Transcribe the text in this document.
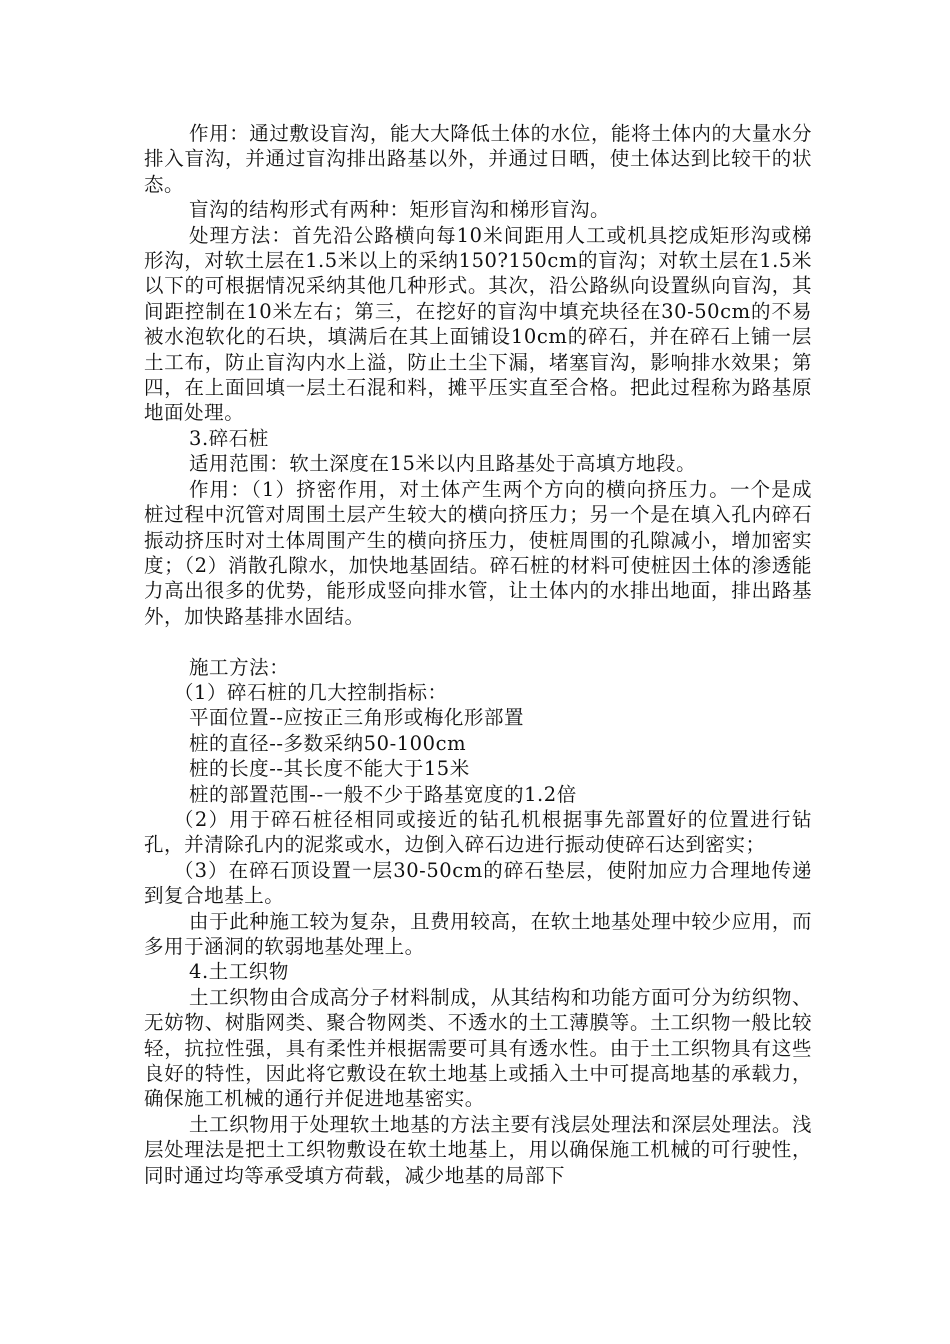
作用：通过敷设盲沟，能大大降低土体的水位，能将土体内的大量水分排入盲沟，并通过盲沟排出路基以外，并通过日晒，使土体达到比较干的状态。

盲沟的结构形式有两种：矩形盲沟和梯形盲沟。

处理方法：首先沿公路横向每10米间距用人工或机具挖成矩形沟或梯形沟，对软土层在1.5米以上的采纳150?150cm的盲沟；对软土层在1.5米以下的可根据情况采纳其他几种形式。其次，沿公路纵向设置纵向盲沟，其间距控制在10米左右；第三，在挖好的盲沟中填充块径在30-50cm的不易被水泡软化的石块，填满后在其上面铺设10cm的碎石，并在碎石上铺一层土工布，防止盲沟内水上溢，防止土尘下漏，堵塞盲沟，影响排水效果；第四，在上面回填一层土石混和料，摊平压实直至合格。把此过程称为路基原地面处理。

3.碎石桩

适用范围：软土深度在15米以内且路基处于高填方地段。

作用：（1）挤密作用，对土体产生两个方向的横向挤压力。一个是成桩过程中沉管对周围土层产生较大的横向挤压力；另一个是在填入孔内碎石振动挤压时对土体周围产生的横向挤压力，使桩周围的孔隙减小，增加密实度；（2）消散孔隙水，加快地基固结。碎石桩的材料可使桩因土体的渗透能力高出很多的优势，能形成竖向排水管，让土体内的水排出地面，排出路基外，加快路基排水固结。

施工方法：

（1）碎石桩的几大控制指标：

平面位置--应按正三角形或梅化形部置

桩的直径--多数采纳50-100cm

桩的长度--其长度不能大于15米

桩的部置范围--一般不少于路基宽度的1.2倍

（2）用于碎石桩径相同或接近的钻孔机根据事先部置好的位置进行钻孔，并清除孔内的泥浆或水，边倒入碎石边进行振动使碎石达到密实；

（3）在碎石顶设置一层30-50cm的碎石垫层，使附加应力合理地传递到复合地基上。

由于此种施工较为复杂，且费用较高，在软土地基处理中较少应用，而多用于涵洞的软弱地基处理上。

4.土工织物

土工织物由合成高分子材料制成，从其结构和功能方面可分为纺织物、无妨物、树脂网类、聚合物网类、不透水的土工薄膜等。土工织物一般比较轻，抗拉性强，具有柔性并根据需要可具有透水性。由于土工织物具有这些良好的特性，因此将它敷设在软土地基上或插入土中可提高地基的承载力，确保施工机械的通行并促进地基密实。

土工织物用于处理软土地基的方法主要有浅层处理法和深层处理法。浅层处理法是把土工织物敷设在软土地基上，用以确保施工机械的可行驶性，同时通过均等承受填方荷载，减少地基的局部下
